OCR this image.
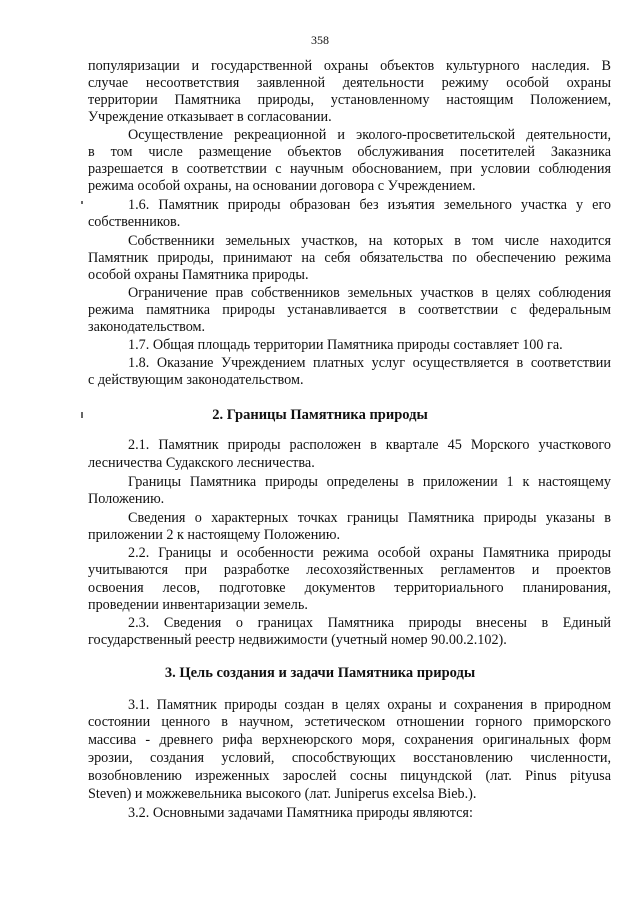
358
популяризации и государственной охраны объектов культурного наследия. В
случае несоответствия заявленной деятельности режиму особой охраны
территории Памятника природы, установленному настоящим Положением,
Учреждение отказывает в согласовании.
Осуществление рекреационной и эколого-просветительской деятельности,
в том числе размещение объектов обслуживания посетителей Заказника
разрешается в соответствии с научным обоснованием, при условии соблюдения
режима особой охраны, на основании договора с Учреждением.
1.6. Памятник природы образован без изъятия земельного участка у его
собственников.
Собственники земельных участков, на которых в том числе находится
Памятник природы, принимают на себя обязательства по обеспечению режима
особой охраны Памятника природы.
Ограничение прав собственников земельных участков в целях соблюдения
режима памятника природы устанавливается в соответствии с федеральным
законодательством.
1.7. Общая площадь территории Памятника природы составляет 100 га.
1.8. Оказание Учреждением платных услуг осуществляется в соответствии
с действующим законодательством.
2. Границы Памятника природы
2.1. Памятник природы расположен в квартале 45 Морского участкового
лесничества Судакского лесничества.
Границы Памятника природы определены в приложении 1 к настоящему
Положению.
Сведения о характерных точках границы Памятника природы указаны в
приложении 2 к настоящему Положению.
2.2. Границы и особенности режима особой охраны Памятника природы
учитываются при разработке лесохозяйственных регламентов и проектов
освоения лесов, подготовке документов территориального планирования,
проведении инвентаризации земель.
2.3. Сведения о границах Памятника природы внесены в Единый
государственный реестр недвижимости (учетный номер 90.00.2.102).
3. Цель создания и задачи Памятника природы
3.1. Памятник природы создан в целях охраны и сохранения в природном
состоянии ценного в научном, эстетическом отношении горного приморского
массива - древнего рифа верхнеюрского моря, сохранения оригинальных форм
эрозии, создания условий, способствующих восстановлению численности,
возобновлению изреженных зарослей сосны пицундской (лат. Pinus pityusa
Steven) и можжевельника высокого (лат. Juniperus excelsa Bieb.).
3.2. Основными задачами Памятника природы являются:
